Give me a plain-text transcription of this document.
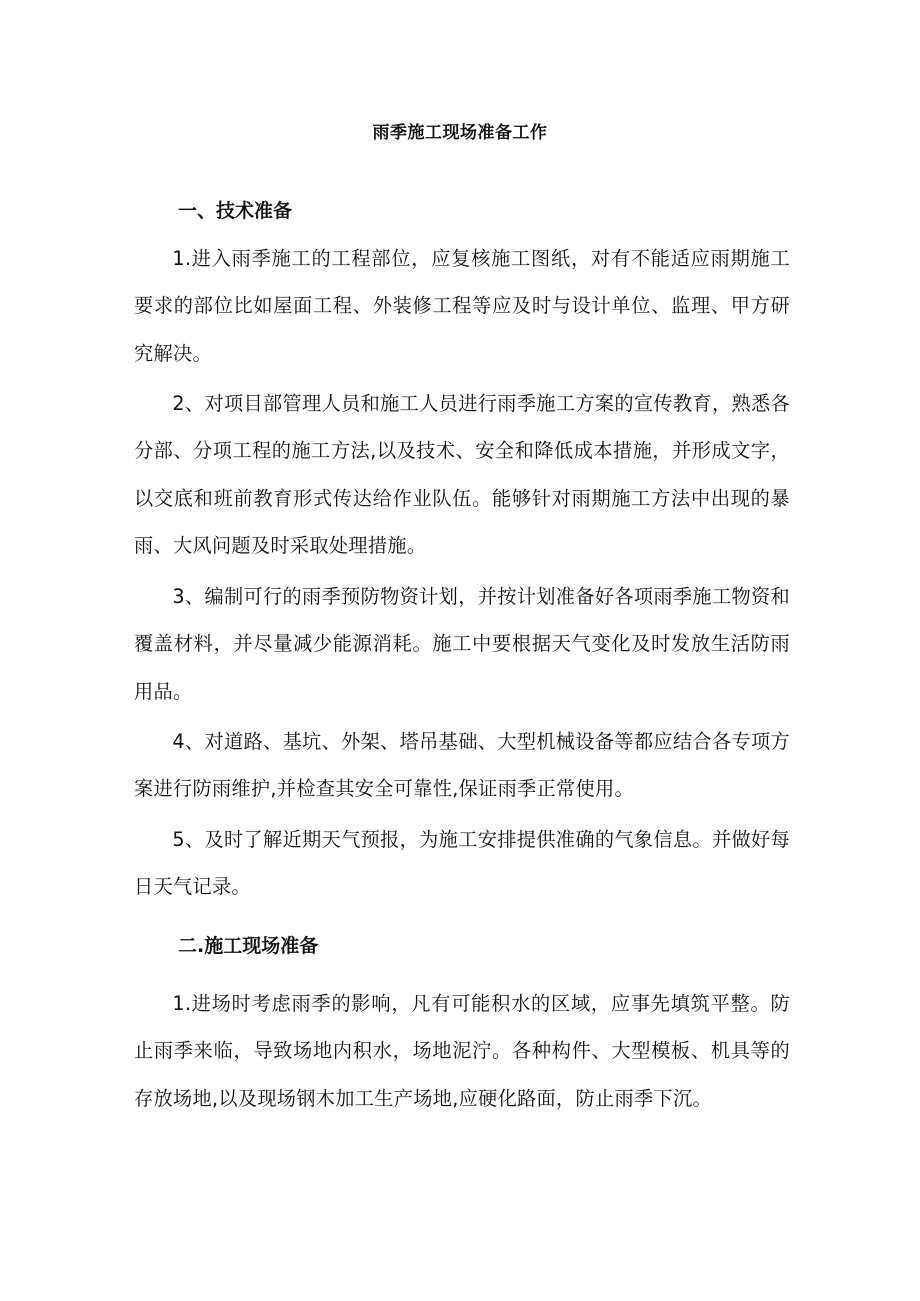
雨季施工现场准备工作
一、技术准备

1.进入雨季施工的工程部位，应复核施工图纸，对有不能适应雨期施工要求的部位比如屋面工程、外装修工程等应及时与设计单位、监理、甲方研究解决。

2、对项目部管理人员和施工人员进行雨季施工方案的宣传教育，熟悉各分部、分项工程的施工方法,以及技术、安全和降低成本措施，并形成文字，以交底和班前教育形式传达给作业队伍。能够针对雨期施工方法中出现的暴雨、大风问题及时采取处理措施。

3、编制可行的雨季预防物资计划，并按计划准备好各项雨季施工物资和覆盖材料，并尽量减少能源消耗。施工中要根据天气变化及时发放生活防雨用品。

4、对道路、基坑、外架、塔吊基础、大型机械设备等都应结合各专项方案进行防雨维护,并检查其安全可靠性,保证雨季正常使用。

5、及时了解近期天气预报，为施工安排提供准确的气象信息。并做好每日天气记录。

二.施工现场准备

1.进场时考虑雨季的影响，凡有可能积水的区域，应事先填筑平整。防止雨季来临，导致场地内积水，场地泥泞。各种构件、大型模板、机具等的存放场地,以及现场钢木加工生产场地,应硬化路面，防止雨季下沉。
